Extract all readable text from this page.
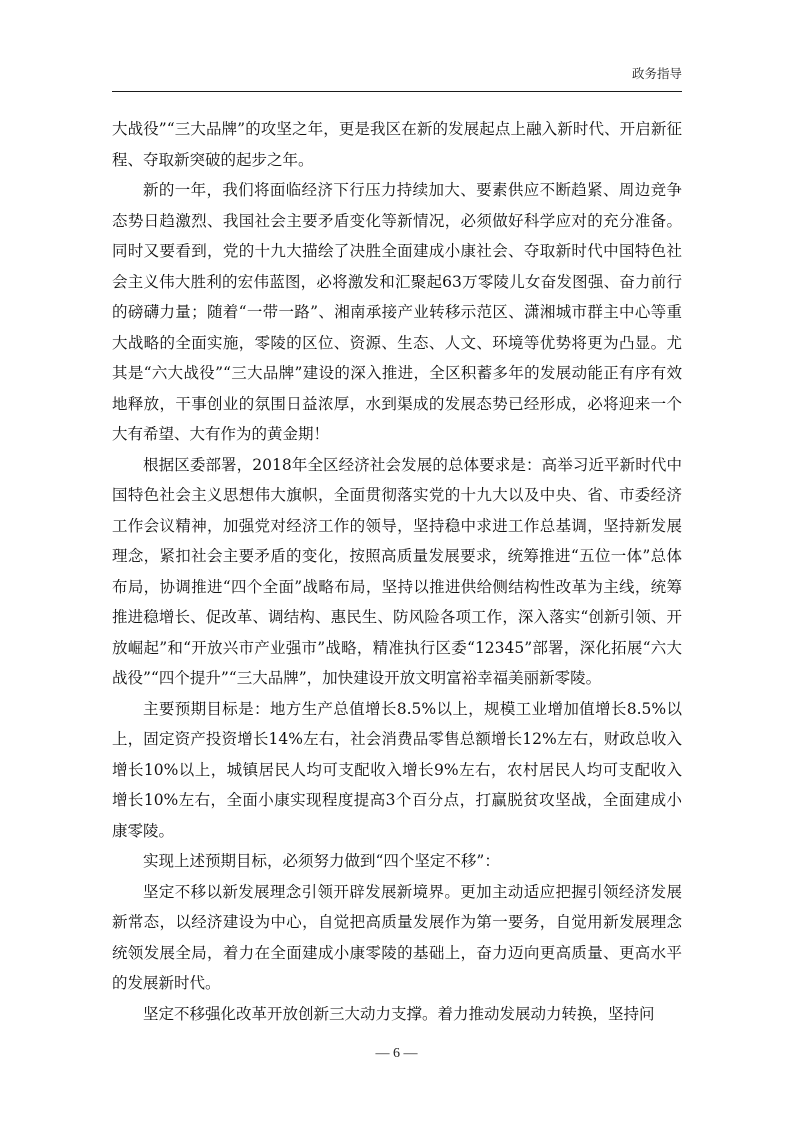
政务指导

大战役”“三大品牌”的攻坚之年，更是我区在新的发展起点上融入新时代、开启新征程、夺取新突破的起步之年。

新的一年，我们将面临经济下行压力持续加大、要素供应不断趋紧、周边竞争态势日趋激烈、我国社会主要矛盾变化等新情况，必须做好科学应对的充分准备。同时又要看到，党的十九大描绘了决胜全面建成小康社会、夺取新时代中国特色社会主义伟大胜利的宏伟蓝图，必将激发和汇聚起63万零陵儿女奋发图强、奋力前行的磅礴力量；随着“一带一路”、湘南承接产业转移示范区、潇湘城市群主中心等重大战略的全面实施，零陵的区位、资源、生态、人文、环境等优势将更为凸显。尤其是“六大战役”“三大品牌”建设的深入推进，全区积蓄多年的发展动能正有序有效地释放，干事创业的氛围日益浓厚，水到渠成的发展态势已经形成，必将迎来一个大有希望、大有作为的黄金期！

根据区委部署，2018年全区经济社会发展的总体要求是：高举习近平新时代中国特色社会主义思想伟大旗帜，全面贯彻落实党的十九大以及中央、省、市委经济工作会议精神，加强党对经济工作的领导，坚持稳中求进工作总基调，坚持新发展理念，紧扣社会主要矛盾的变化，按照高质量发展要求，统筹推进“五位一体”总体布局，协调推进“四个全面”战略布局，坚持以推进供给侧结构性改革为主线，统筹推进稳增长、促改革、调结构、惠民生、防风险各项工作，深入落实“创新引领、开放崛起”和“开放兴市产业强市”战略，精准执行区委“12345”部署，深化拓展“六大战役”“四个提升”“三大品牌”，加快建设开放文明富裕幸福美丽新零陵。

主要预期目标是：地方生产总值增长8.5%以上，规模工业增加值增长8.5%以上，固定资产投资增长14%左右，社会消费品零售总额增长12%左右，财政总收入增长10%以上，城镇居民人均可支配收入增长9%左右，农村居民人均可支配收入增长10%左右，全面小康实现程度提高3个百分点，打赢脱贫攻坚战，全面建成小康零陵。

实现上述预期目标，必须努力做到“四个坚定不移”：

坚定不移以新发展理念引领开辟发展新境界。更加主动适应把握引领经济发展新常态，以经济建设为中心，自觉把高质量发展作为第一要务，自觉用新发展理念统领发展全局，着力在全面建成小康零陵的基础上，奋力迈向更高质量、更高水平的发展新时代。

坚定不移强化改革开放创新三大动力支撑。着力推动发展动力转换，坚持问

— 6 —
